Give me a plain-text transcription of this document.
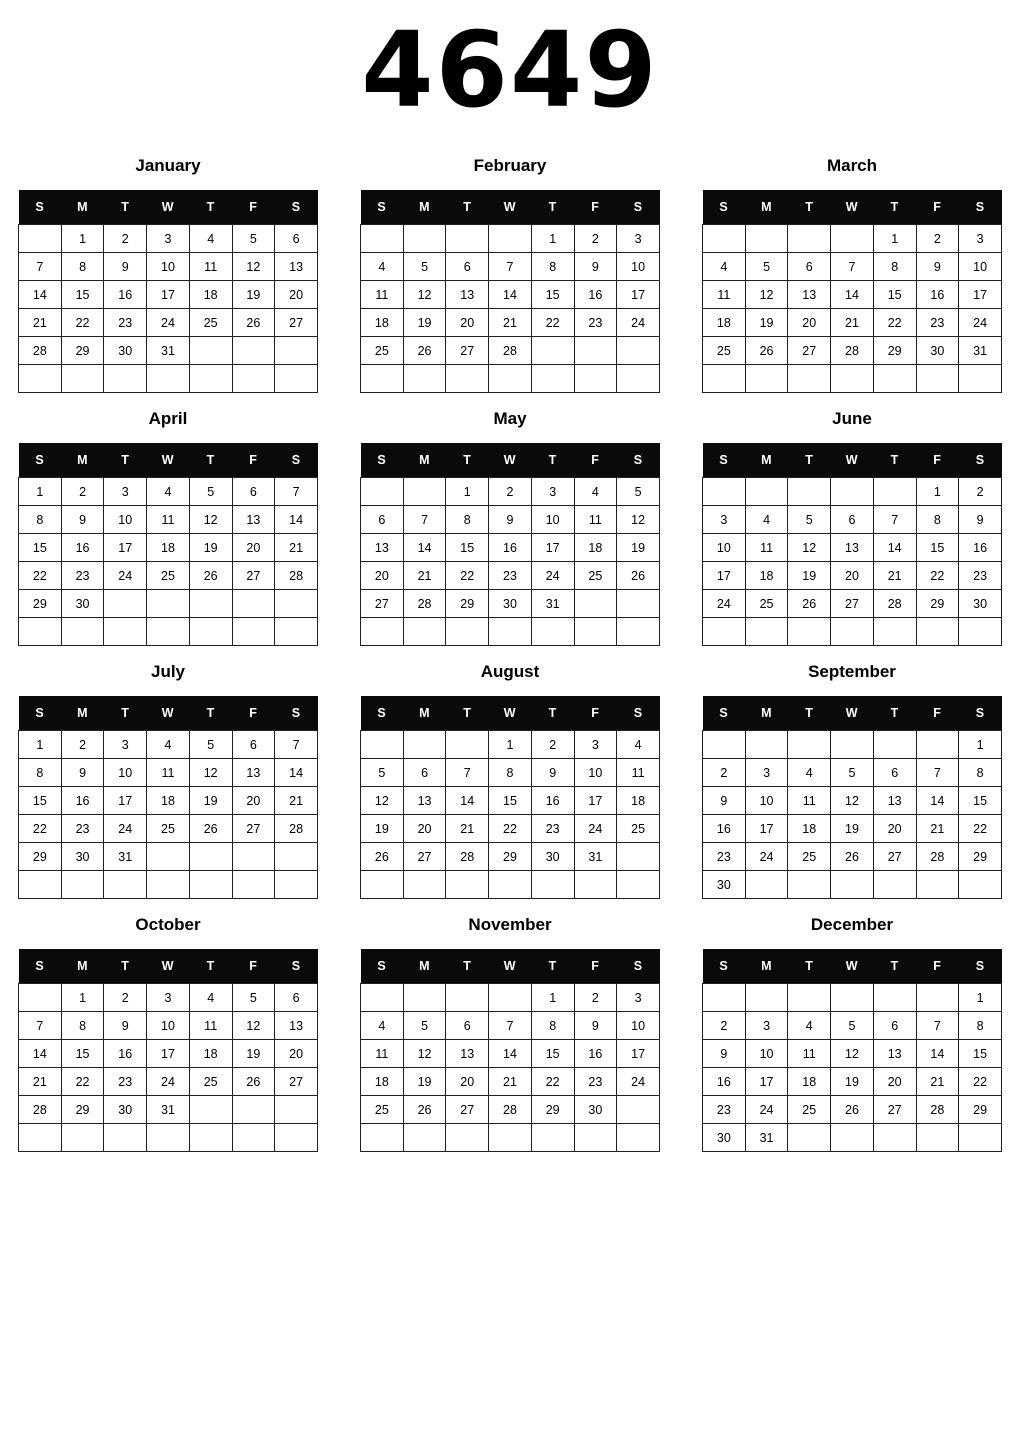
4649
January
S	M	T	W	T	F	S
	1	2	3	4	5	6
7	8	9	10	11	12	13
14	15	16	17	18	19	20
21	22	23	24	25	26	27
28	29	30	31			

February
S	M	T	W	T	F	S
				1	2	3
4	5	6	7	8	9	10
11	12	13	14	15	16	17
18	19	20	21	22	23	24
25	26	27	28			

March
S	M	T	W	T	F	S
				1	2	3
4	5	6	7	8	9	10
11	12	13	14	15	16	17
18	19	20	21	22	23	24
25	26	27	28	29	30	31

April
S	M	T	W	T	F	S
1	2	3	4	5	6	7
8	9	10	11	12	13	14
15	16	17	18	19	20	21
22	23	24	25	26	27	28
29	30					

May
S	M	T	W	T	F	S
		1	2	3	4	5
6	7	8	9	10	11	12
13	14	15	16	17	18	19
20	21	22	23	24	25	26
27	28	29	30	31		

June
S	M	T	W	T	F	S
					1	2
3	4	5	6	7	8	9
10	11	12	13	14	15	16
17	18	19	20	21	22	23
24	25	26	27	28	29	30

July
S	M	T	W	T	F	S
1	2	3	4	5	6	7
8	9	10	11	12	13	14
15	16	17	18	19	20	21
22	23	24	25	26	27	28
29	30	31				

August
S	M	T	W	T	F	S
			1	2	3	4
5	6	7	8	9	10	11
12	13	14	15	16	17	18
19	20	21	22	23	24	25
26	27	28	29	30	31	

September
S	M	T	W	T	F	S
						1
2	3	4	5	6	7	8
9	10	11	12	13	14	15
16	17	18	19	20	21	22
23	24	25	26	27	28	29
30						
October
S	M	T	W	T	F	S
	1	2	3	4	5	6
7	8	9	10	11	12	13
14	15	16	17	18	19	20
21	22	23	24	25	26	27
28	29	30	31			

November
S	M	T	W	T	F	S
				1	2	3
4	5	6	7	8	9	10
11	12	13	14	15	16	17
18	19	20	21	22	23	24
25	26	27	28	29	30	

December
S	M	T	W	T	F	S
						1
2	3	4	5	6	7	8
9	10	11	12	13	14	15
16	17	18	19	20	21	22
23	24	25	26	27	28	29
30	31					
